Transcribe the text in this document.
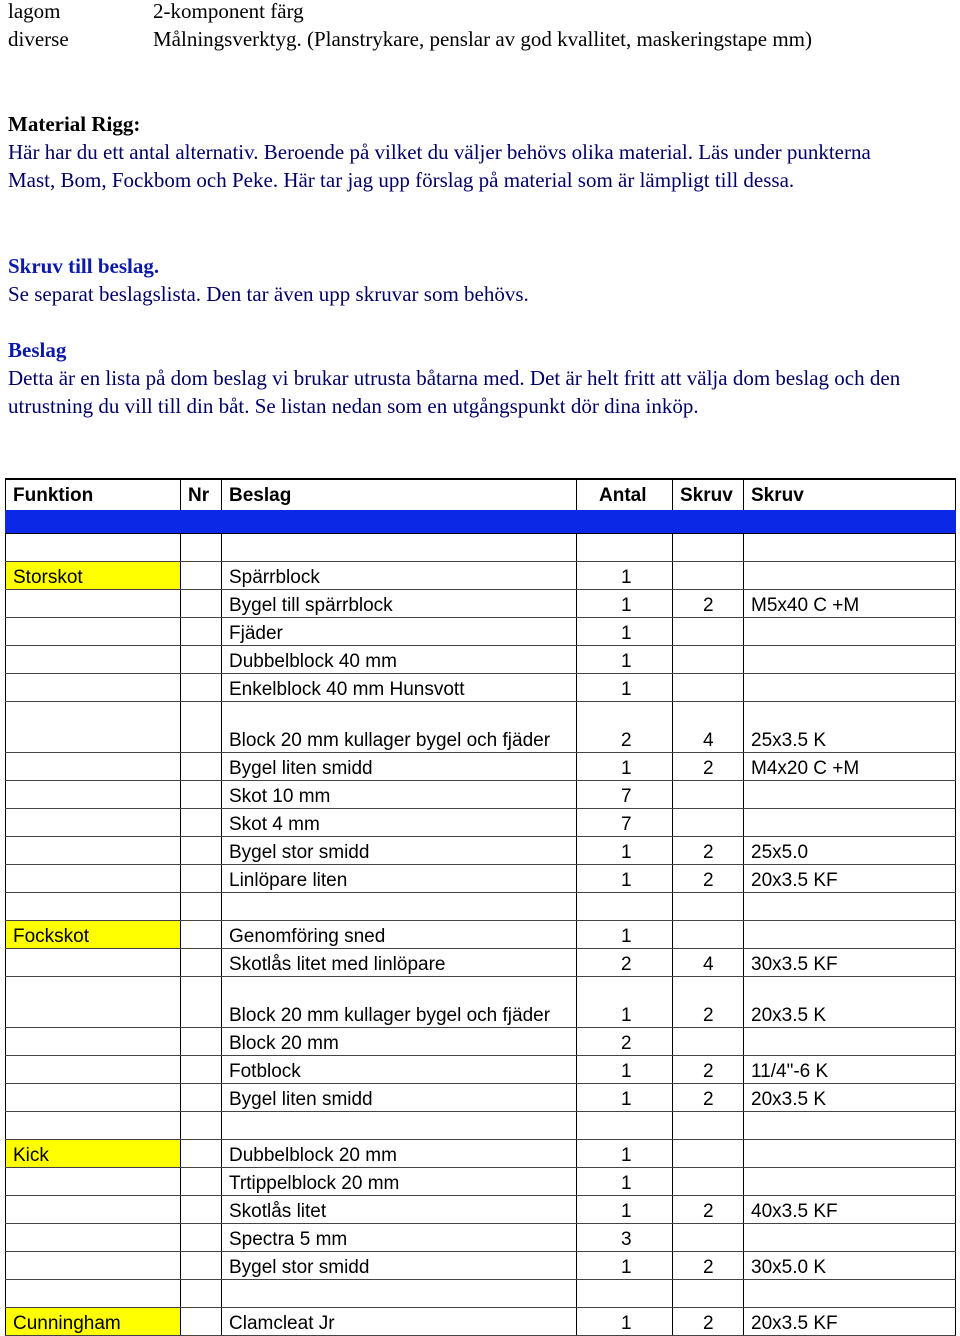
lagom	2-komponent färg
diverse	Målningsverktyg. (Planstrykare, penslar av god kvallitet, maskeringstape mm)
Material Rigg:
Här har du ett antal alternativ. Beroende på vilket du väljer behövs olika material. Läs under punkterna Mast, Bom, Fockbom och Peke. Här tar jag upp förslag på material som är lämpligt till dessa.
Skruv till beslag.
Se separat beslagslista. Den tar även upp skruvar som behövs.
Beslag
Detta är en lista på dom beslag vi brukar utrusta båtarna med. Det är helt fritt att välja dom beslag och den utrustning du vill till din båt. Se listan nedan som en utgångspunkt dör dina inköp.
Funktion	Nr	Beslag	Antal	Skruv	Skruv

Storskot		Spärrblock	1		
		Bygel till spärrblock	1	2	M5x40 C +M
		Fjäder	1		
		Dubbelblock 40 mm	1		
		Enkelblock 40 mm Hunsvott	1		
		Block 20 mm kullager bygel och fjäder	2	4	25x3.5 K
		Bygel liten smidd	1	2	M4x20 C +M
		Skot 10 mm	7		
		Skot 4 mm	7		
		Bygel stor smidd	1	2	25x5.0
		Linlöpare liten	1	2	20x3.5 KF

Fockskot		Genomföring sned	1		
		Skotlås litet med linlöpare	2	4	30x3.5 KF
		Block 20 mm kullager bygel och fjäder	1	2	20x3.5 K
		Block 20 mm	2		
		Fotblock	1	2	11/4"-6 K
		Bygel liten smidd	1	2	20x3.5 K

Kick		Dubbelblock 20 mm	1		
		Trtippelblock 20 mm	1		
		Skotlås litet	1	2	40x3.5 KF
		Spectra 5 mm	3		
		Bygel stor smidd	1	2	30x5.0 K

Cunningham		Clamcleat Jr	1	2	20x3.5 KF
